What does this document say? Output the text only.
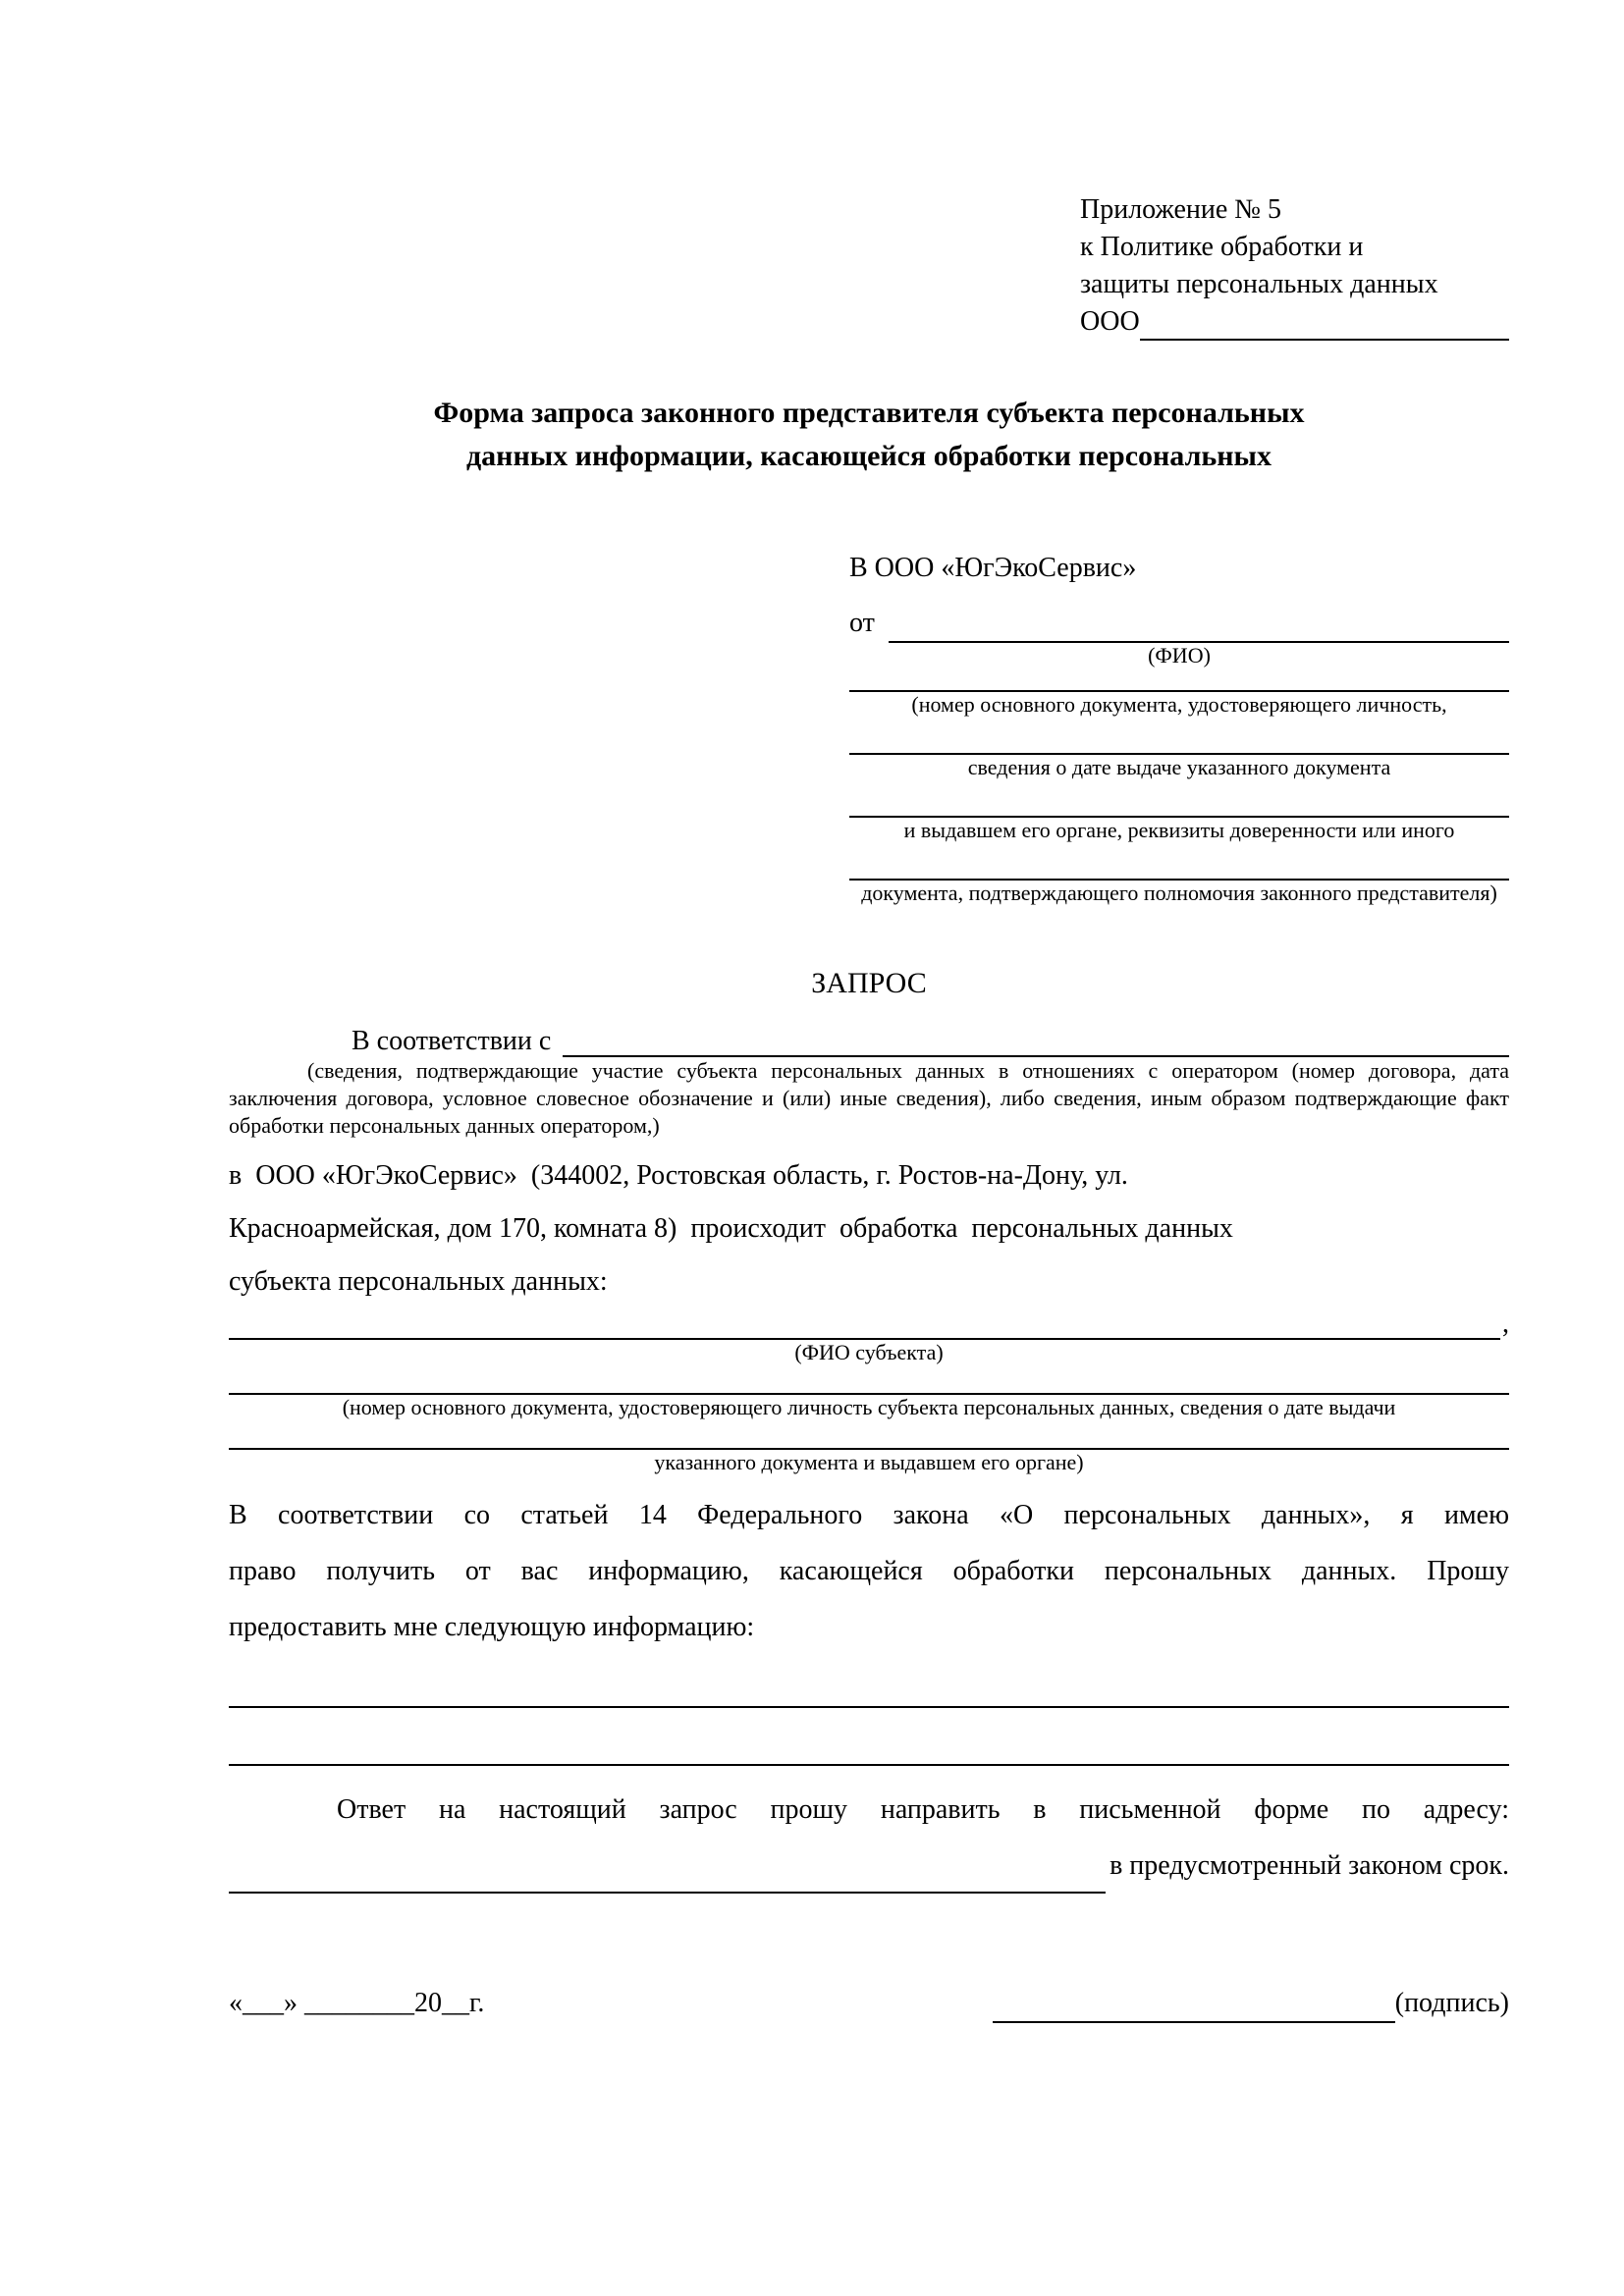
Приложение № 5
к Политике обработки и
защиты персональных данных
ООО
Форма запроса законного представителя субъекта персональных
данных информации, касающейся обработки персональных
В ООО «ЮгЭкоСервис»
от
(ФИО)
(номер основного документа, удостоверяющего личность,
сведения о дате выдаче указанного документа
и выдавшем его органе, реквизиты доверенности или иного
документа, подтверждающего полномочия законного представителя)
ЗАПРОС
В соответствии с
(сведения, подтверждающие участие субъекта персональных данных в отношениях с оператором (номер договора, дата заключения договора, условное словесное обозначение и (или) иные сведения), либо сведения, иным образом подтверждающие факт обработки персональных данных оператором,)
в  ООО «ЮгЭкоСервис»  (344002, Ростовская область, г. Ростов-на-Дону, ул.
Красноармейская, дом 170, комната 8)  происходит  обработка  персональных данных
субъекта персональных данных:
,
(ФИО субъекта)
(номер основного документа, удостоверяющего личность субъекта персональных данных, сведения о дате выдачи
указанного документа и выдавшем его органе)
В соответствии со статьей 14 Федерального закона «О персональных данных», я имею
право получить от вас информацию, касающейся обработки персональных данных. Прошу
предоставить мне следующую информацию:
Ответ на настоящий запрос прошу направить в письменной форме по адресу:
в предусмотренный законом срок.
«___» ________20__г.	(подпись)
